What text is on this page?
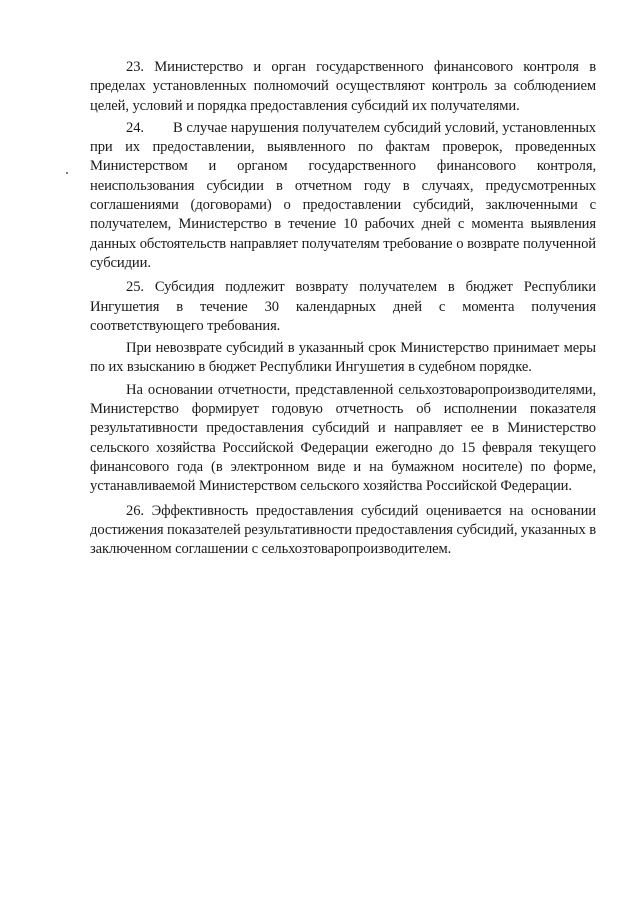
23. Министерство и орган государственного финансового контроля в пределах установленных полномочий осуществляют контроль за соблюдением целей, условий и порядка предоставления субсидий их получателями.

24. В случае нарушения получателем субсидий условий, установленных при их предоставлении, выявленного по фактам проверок, проведенных Министерством и органом государственного финансового контроля, неиспользования субсидии в отчетном году в случаях, предусмотренных соглашениями (договорами) о предоставлении субсидий, заключенными с получателем, Министерство в течение 10 рабочих дней с момента выявления данных обстоятельств направляет получателям требование о возврате полученной субсидии.

25. Субсидия подлежит возврату получателем в бюджет Республики Ингушетия в течение 30 календарных дней с момента получения соответствующего требования.

При невозврате субсидий в указанный срок Министерство принимает меры по их взысканию в бюджет Республики Ингушетия в судебном порядке.

На основании отчетности, представленной сельхозтоваропроизводителями, Министерство формирует годовую отчетность об исполнении показателя результативности предоставления субсидий и направляет ее в Министерство сельского хозяйства Российской Федерации ежегодно до 15 февраля текущего финансового года (в электронном виде и на бумажном носителе) по форме, устанавливаемой Министерством сельского хозяйства Российской Федерации.

26. Эффективность предоставления субсидий оценивается на основании достижения показателей результативности предоставления субсидий, указанных в заключенном соглашении с сельхозтоваропроизводителем.
